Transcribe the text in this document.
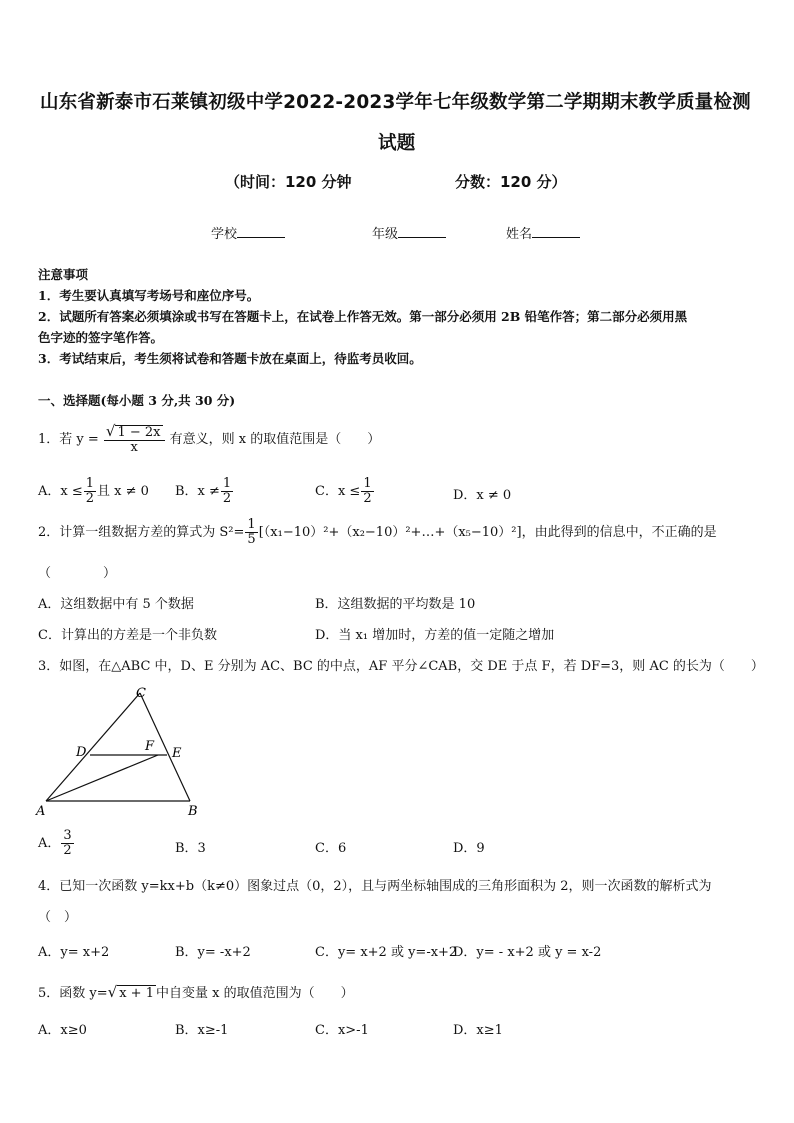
山东省新泰市石莱镇初级中学2022-2023学年七年级数学第二学期期末教学质量检测
试题
（时间：120 分钟	分数：120 分）
学校	年级	姓名
注意事项
1．考生要认真填写考场号和座位序号。
2．试题所有答案必须填涂或书写在答题卡上，在试卷上作答无效。第一部分必须用 2B 铅笔作答；第二部分必须用黑
色字迹的签字笔作答。
3．考试结束后，考生须将试卷和答题卡放在桌面上，待监考员收回。
一、选择题(每小题 3 分,共 30 分)
1．若 $y = \frac{√ 1 - 2x}{x}$ 有意义，则 x 的取值范围是（　　）
A．$x \le \frac{1}{2}$ 且 x ≠ 0 B．$x \ne \frac{1}{2}$	C．$x \le \frac{1}{2}$	D．x ≠ 0
2．计算一组数据方差的算式为 $S^2= \frac{1}{5}$ [（x₁−10）²+（x₂−10）²+…+（x₅−10）²]，由此得到的信息中，不正确的是
（　　　　）
A．这组数据中有 5 个数据	B．这组数据的平均数是 10
C．计算出的方差是一个非负数	D．当 x₁ 增加时，方差的值一定随之增加
3．如图，在△ABC 中，D、E 分别为 AC、BC 的中点，AF 平分∠CAB，交 DE 于点 F，若 DF=3，则 AC 的长为（　　）
C
D	F E
A	B
A． $\frac{3}{2}$	B．3	C．6	D．9
4．已知一次函数 y=kx+b（k≠0）图象过点（0，2），且与两坐标轴围成的三角形面积为 2，则一次函数的解析式为
（　）
A．y= x+2	B．y= -x+2	C．y= x+2 或 y=-x+2
D．y= - x+2 或 y = x-2
5．函数 y=√ x + 1 中自变量 x 的取值范围为（　　）
A．x≥0	B．x≥-1	C．x>-1	D．x≥1
